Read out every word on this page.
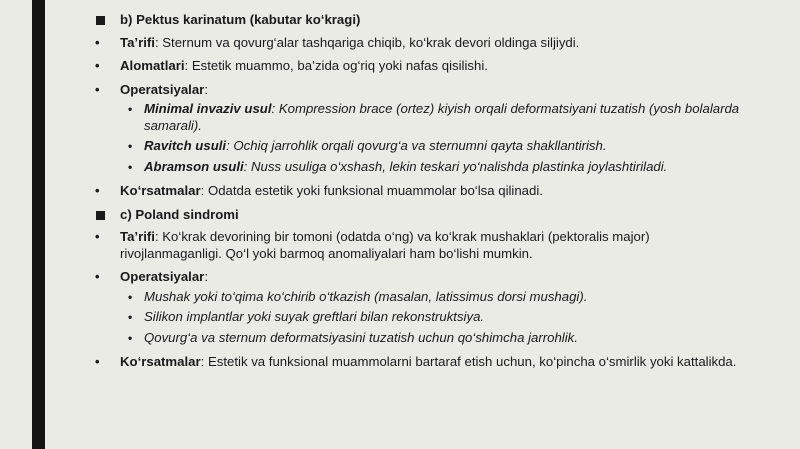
b) Pektus karinatum (kabutar ko‘kragi)
• Ta’rifi: Sternum va qovurg‘alar tashqariga chiqib, ko‘krak devori oldinga siljiydi.
• Alomatlari: Estetik muammo, ba’zida og‘riq yoki nafas qisilishi.
• Operatsiyalar:
• Minimal invaziv usul: Kompression brace (ortez) kiyish orqali deformatsiyani tuzatish (yosh bolalarda samarali).
• Ravitch usuli: Ochiq jarrohlik orqali qovurg‘a va sternumni qayta shakllantirish.
• Abramson usuli: Nuss usuliga o‘xshash, lekin teskari yo‘nalishda plastinka joylashtiriladi.
• Ko‘rsatmalar: Odatda estetik yoki funksional muammolar bo‘lsa qilinadi.
c) Poland sindromi
• Ta’rifi: Ko‘krak devorining bir tomoni (odatda o‘ng) va ko‘krak mushaklari (pektoralis major) rivojlanmaganligi. Qo‘l yoki barmoq anomaliyalari ham bo‘lishi mumkin.
• Operatsiyalar:
• Mushak yoki to‘qima ko‘chirib o‘tkazish (masalan, latissimus dorsi mushagi).
• Silikon implantlar yoki suyak greftlari bilan rekonstruktsiya.
• Qovurg‘a va sternum deformatsiyasini tuzatish uchun qo‘shimcha jarrohlik.
• Ko‘rsatmalar: Estetik va funksional muammolarni bartaraf etish uchun, ko‘pincha o‘smirlik yoki kattalikda.
